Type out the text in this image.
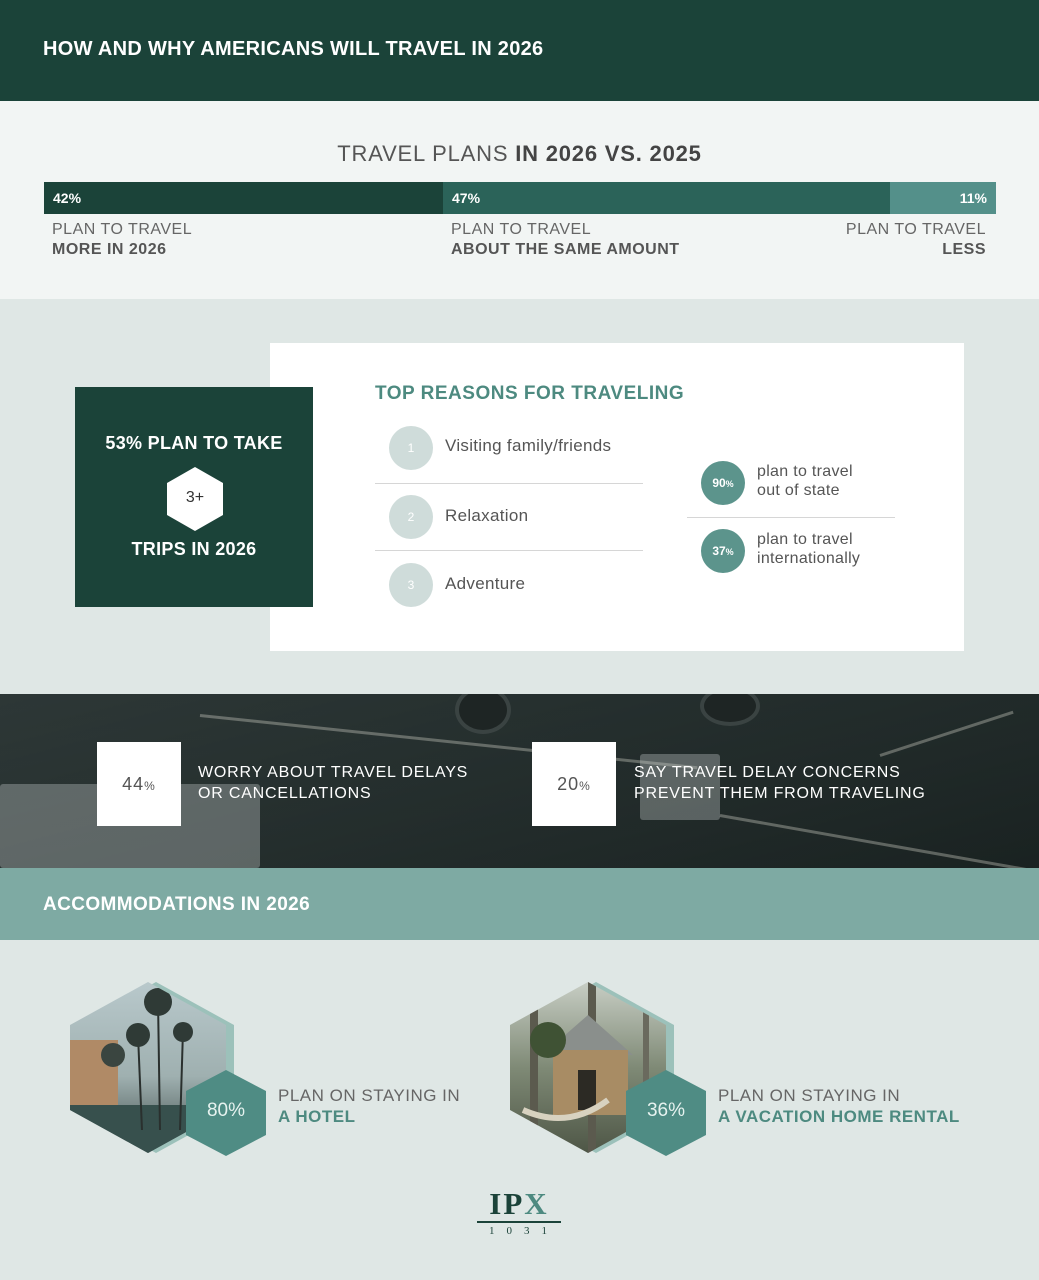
HOW AND WHY AMERICANS WILL TRAVEL IN 2026
TRAVEL PLANS IN 2026 VS. 2025
42%	47%	11%
PLAN TO TRAVEL
MORE IN 2026
PLAN TO TRAVEL
ABOUT THE SAME AMOUNT
PLAN TO TRAVEL
LESS
53% PLAN TO TAKE
3+
TRIPS IN 2026
TOP REASONS FOR TRAVELING
1	Visiting family/friends
2	Relaxation
3	Adventure
90%
plan to travel
out of state
37%
plan to travel
internationally
44%
WORRY ABOUT TRAVEL DELAYS
OR CANCELLATIONS	20%
SAY TRAVEL DELAY CONCERNS
PREVENT THEM FROM TRAVELING
ACCOMMODATIONS IN 2026
80%
PLAN ON STAYING IN
A HOTEL	36%
PLAN ON STAYING IN
A VACATION HOME RENTAL
IPX
1031
